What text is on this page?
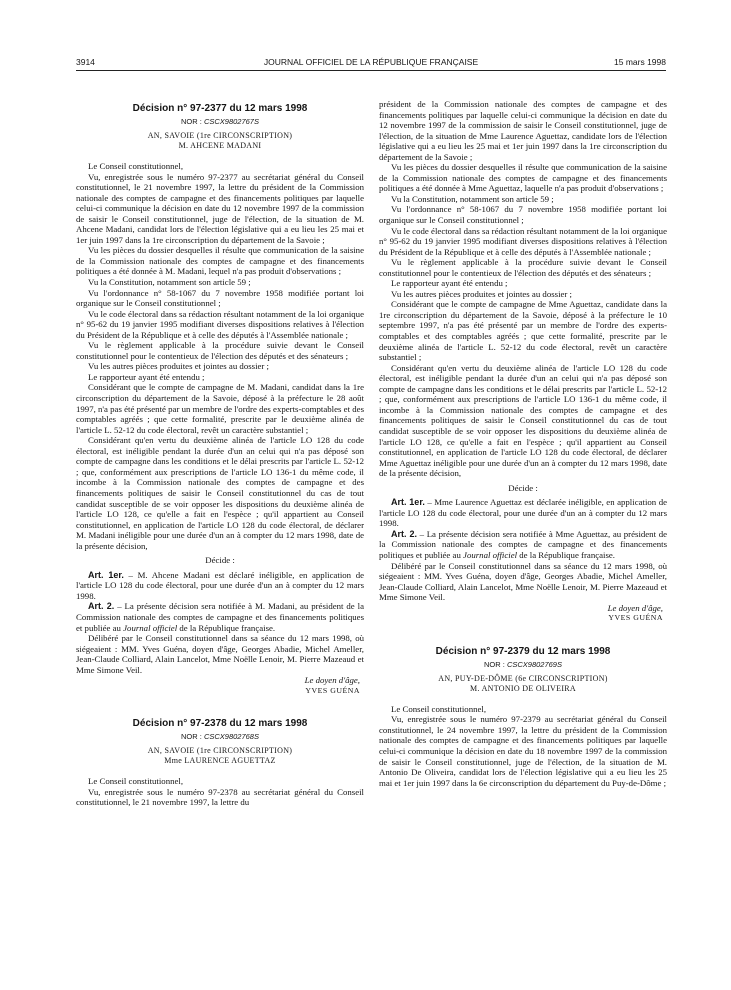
3914	JOURNAL OFFICIEL DE LA RÉPUBLIQUE FRANÇAISE	15 mars 1998
Décision n° 97-2377 du 12 mars 1998
NOR : CSCX9802767S
AN, SAVOIE (1re CIRCONSCRIPTION)
M. AHCENE MADANI

Le Conseil constitutionnel,

Vu, enregistrée sous le numéro 97-2377 au secrétariat général du Conseil constitutionnel, le 21 novembre 1997, la lettre du président de la Commission nationale des comptes de campagne et des financements politiques par laquelle celui-ci communique la décision en date du 12 novembre 1997 de la commission de saisir le Conseil constitutionnel, juge de l'élection, de la situation de M. Ahcene Madani, candidat lors de l'élection législative qui a eu lieu les 25 mai et 1er juin 1997 dans la 1re circonscription du département de la Savoie ;

Vu les pièces du dossier desquelles il résulte que communication de la saisine de la Commission nationale des comptes de campagne et des financements politiques a été donnée à M. Madani, lequel n'a pas produit d'observations ;

Vu la Constitution, notamment son article 59 ;

Vu l'ordonnance n° 58-1067 du 7 novembre 1958 modifiée portant loi organique sur le Conseil constitutionnel ;

Vu le code électoral dans sa rédaction résultant notamment de la loi organique n° 95-62 du 19 janvier 1995 modifiant diverses dispositions relatives à l'élection du Président de la République et à celle des députés à l'Assemblée nationale ;

Vu le règlement applicable à la procédure suivie devant le Conseil constitutionnel pour le contentieux de l'élection des députés et des sénateurs ;

Vu les autres pièces produites et jointes au dossier ;

Le rapporteur ayant été entendu ;

Considérant que le compte de campagne de M. Madani, candidat dans la 1re circonscription du département de la Savoie, déposé à la préfecture le 28 août 1997, n'a pas été présenté par un membre de l'ordre des experts-comptables et des comptables agréés ; que cette formalité, prescrite par le deuxième alinéa de l'article L. 52-12 du code électoral, revêt un caractère substantiel ;

Considérant qu'en vertu du deuxième alinéa de l'article LO 128 du code électoral, est inéligible pendant la durée d'un an celui qui n'a pas déposé son compte de campagne dans les conditions et le délai prescrits par l'article L. 52-12 ; que, conformément aux prescriptions de l'article LO 136-1 du même code, il incombe à la Commission nationale des comptes de campagne et des financements politiques de saisir le Conseil constitutionnel du cas de tout candidat susceptible de se voir opposer les dispositions du deuxième alinéa de l'article LO 128, ce qu'elle a fait en l'espèce ; qu'il appartient au Conseil constitutionnel, en application de l'article LO 128 du code électoral, de déclarer M. Madani inéligible pour une durée d'un an à compter du 12 mars 1998, date de la présente décision,

Décide :

Art. 1er. – M. Ahcene Madani est déclaré inéligible, en application de l'article LO 128 du code électoral, pour une durée d'un an à compter du 12 mars 1998.

Art. 2. – La présente décision sera notifiée à M. Madani, au président de la Commission nationale des comptes de campagne et des financements politiques et publiée au Journal officiel de la République française.

Délibéré par le Conseil constitutionnel dans sa séance du 12 mars 1998, où siégeaient : MM. Yves Guéna, doyen d'âge, Georges Abadie, Michel Ameller, Jean-Claude Colliard, Alain Lancelot, Mme Noëlle Lenoir, M. Pierre Mazeaud et Mme Simone Veil.

Le doyen d'âge,
YVES GUÉNA
Décision n° 97-2378 du 12 mars 1998
NOR : CSCX9802768S
AN, SAVOIE (1re CIRCONSCRIPTION)
Mme LAURENCE AGUETTAZ

Le Conseil constitutionnel,

Vu, enregistrée sous le numéro 97-2378 au secrétariat général du Conseil constitutionnel, le 21 novembre 1997, la lettre du

président de la Commission nationale des comptes de campagne et des financements politiques par laquelle celui-ci communique la décision en date du 12 novembre 1997 de la commission de saisir le Conseil constitutionnel, juge de l'élection, de la situation de Mme Laurence Aguettaz, candidate lors de l'élection législative qui a eu lieu les 25 mai et 1er juin 1997 dans la 1re circonscription du département de la Savoie ;

Vu les pièces du dossier desquelles il résulte que communication de la saisine de la Commission nationale des comptes de campagne et des financements politiques a été donnée à Mme Aguettaz, laquelle n'a pas produit d'observations ;

Vu la Constitution, notamment son article 59 ;

Vu l'ordonnance n° 58-1067 du 7 novembre 1958 modifiée portant loi organique sur le Conseil constitutionnel ;

Vu le code électoral dans sa rédaction résultant notamment de la loi organique n° 95-62 du 19 janvier 1995 modifiant diverses dispositions relatives à l'élection du Président de la République et à celle des députés à l'Assemblée nationale ;

Vu le règlement applicable à la procédure suivie devant le Conseil constitutionnel pour le contentieux de l'élection des députés et des sénateurs ;

Le rapporteur ayant été entendu ;

Vu les autres pièces produites et jointes au dossier ;

Considérant que le compte de campagne de Mme Aguettaz, candidate dans la 1re circonscription du département de la Savoie, déposé à la préfecture le 10 septembre 1997, n'a pas été présenté par un membre de l'ordre des experts-comptables et des comptables agréés ; que cette formalité, prescrite par le deuxième alinéa de l'article L. 52-12 du code électoral, revêt un caractère substantiel ;

Considérant qu'en vertu du deuxième alinéa de l'article LO 128 du code électoral, est inéligible pendant la durée d'un an celui qui n'a pas déposé son compte de campagne dans les conditions et le délai prescrits par l'article L. 52-12 ; que, conformément aux prescriptions de l'article LO 136-1 du même code, il incombe à la Commission nationale des comptes de campagne et des financements politiques de saisir le Conseil constitutionnel du cas de tout candidat susceptible de se voir opposer les dispositions du deuxième alinéa de l'article LO 128, ce qu'elle a fait en l'espèce ; qu'il appartient au Conseil constitutionnel, en application de l'article LO 128 du code électoral, de déclarer Mme Aguettaz inéligible pour une durée d'un an à compter du 12 mars 1998, date de la présente décision,

Décide :

Art. 1er. – Mme Laurence Aguettaz est déclarée inéligible, en application de l'article LO 128 du code électoral, pour une durée d'un an à compter du 12 mars 1998.

Art. 2. – La présente décision sera notifiée à Mme Aguettaz, au président de la Commission nationale des comptes de campagne et des financements politiques et publiée au Journal officiel de la République française.

Délibéré par le Conseil constitutionnel dans sa séance du 12 mars 1998, où siégeaient : MM. Yves Guéna, doyen d'âge, Georges Abadie, Michel Ameller, Jean-Claude Colliard, Alain Lancelot, Mme Noëlle Lenoir, M. Pierre Mazeaud et Mme Simone Veil.

Le doyen d'âge,
YVES GUÉNA
Décision n° 97-2379 du 12 mars 1998
NOR : CSCX9802769S
AN, PUY-DE-DÔME (6e CIRCONSCRIPTION)
M. ANTONIO DE OLIVEIRA

Le Conseil constitutionnel,

Vu, enregistrée sous le numéro 97-2379 au secrétariat général du Conseil constitutionnel, le 24 novembre 1997, la lettre du président de la Commission nationale des comptes de campagne et des financements politiques par laquelle celui-ci communique la décision en date du 18 novembre 1997 de la commission de saisir le Conseil constitutionnel, juge de l'élection, de la situation de M. Antonio De Oliveira, candidat lors de l'élection législative qui a eu lieu les 25 mai et 1er juin 1997 dans la 6e circonscription du département du Puy-de-Dôme ;
